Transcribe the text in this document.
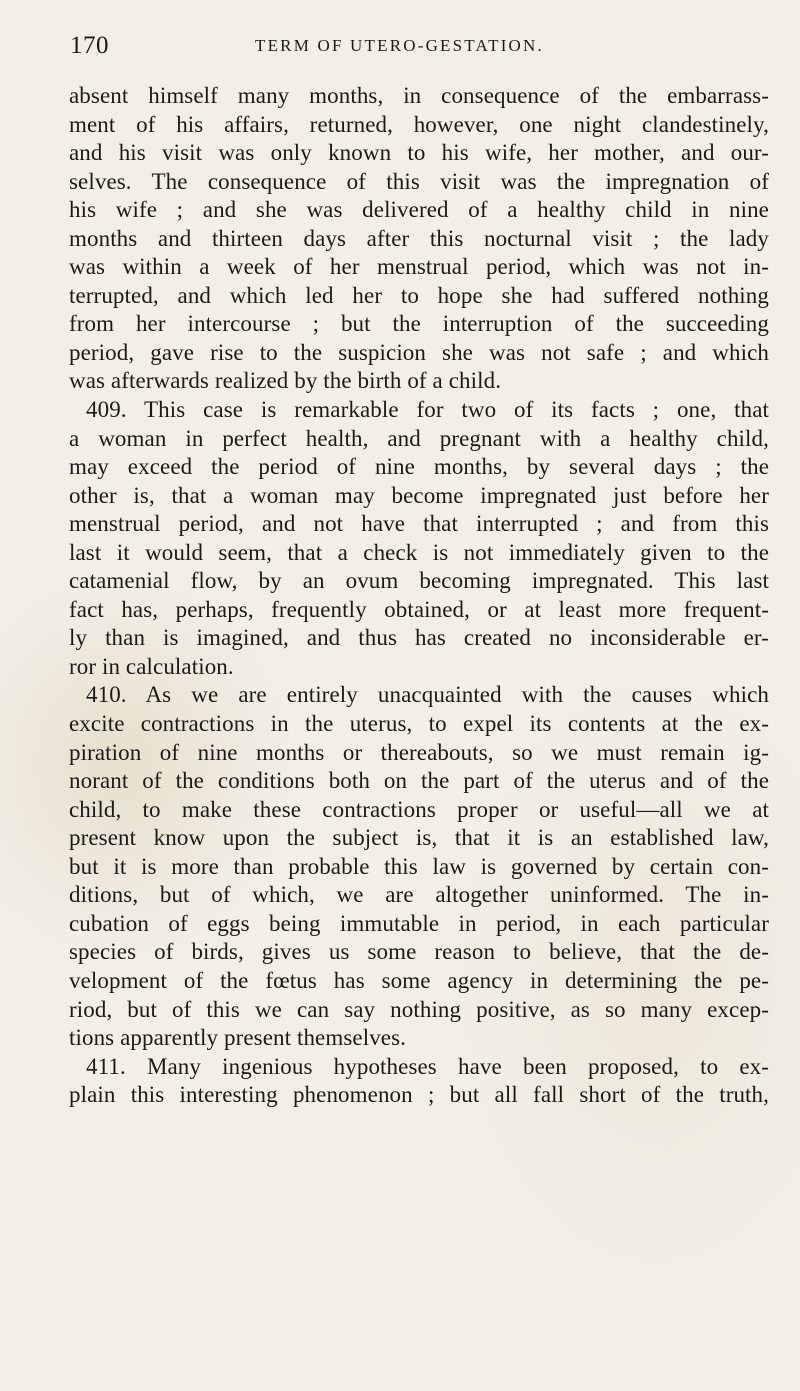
170	TERM OF UTERO-GESTATION.
absent himself many months, in consequence of the embarrass-
ment of his affairs, returned, however, one night clandestinely,
and his visit was only known to his wife, her mother, and our-
selves. The consequence of this visit was the impregnation of
his wife ; and she was delivered of a healthy child in nine
months and thirteen days after this nocturnal visit ; the lady
was within a week of her menstrual period, which was not in-
terrupted, and which led her to hope she had suffered nothing
from her intercourse ; but the interruption of the succeeding
period, gave rise to the suspicion she was not safe ; and which
was afterwards realized by the birth of a child.
409. This case is remarkable for two of its facts ; one, that
a woman in perfect health, and pregnant with a healthy child,
may exceed the period of nine months, by several days ; the
other is, that a woman may become impregnated just before her
menstrual period, and not have that interrupted ; and from this
last it would seem, that a check is not immediately given to the
catamenial flow, by an ovum becoming impregnated. This last
fact has, perhaps, frequently obtained, or at least more frequent-
ly than is imagined, and thus has created no inconsiderable er-
ror in calculation.
410. As we are entirely unacquainted with the causes which
excite contractions in the uterus, to expel its contents at the ex-
piration of nine months or thereabouts, so we must remain ig-
norant of the conditions both on the part of the uterus and of the
child, to make these contractions proper or useful—all we at
present know upon the subject is, that it is an established law,
but it is more than probable this law is governed by certain con-
ditions, but of which, we are altogether uninformed. The in-
cubation of eggs being immutable in period, in each particular
species of birds, gives us some reason to believe, that the de-
velopment of the fœtus has some agency in determining the pe-
riod, but of this we can say nothing positive, as so many excep-
tions apparently present themselves.
411. Many ingenious hypotheses have been proposed, to ex-
plain this interesting phenomenon ; but all fall short of the truth,
